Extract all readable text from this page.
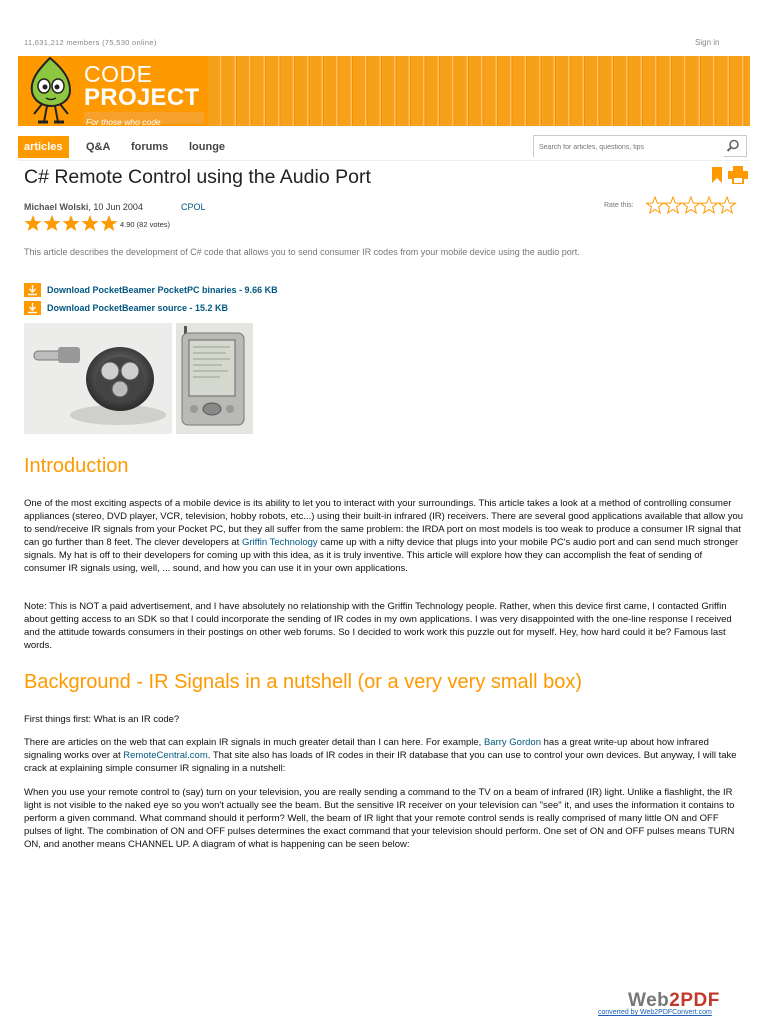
11,631,212 members (75,530 online)	Sign in
CODE
PROJECT
For those who code
articles	Q&A forums lounge
Search for articles, questions, tips
C# Remote Control using the Audio Port
Michael Wolski, 10 Jun 2004	CPOL	Rate this:
4.90 (82 votes)
This article describes the development of C# code that allows you to send consumer IR codes from your mobile device using the audio port.
Download PocketBeamer PocketPC binaries - 9.66 KB
Download PocketBeamer source - 15.2 KB
Introduction

One of the most exciting aspects of a mobile device is its ability to let you to interact with your surroundings. This article takes a look at a method of controlling consumer appliances (stereo, DVD player, VCR, television, hobby robots, etc...) using their built-in infrared (IR) receivers. There are several good applications available that allow you to send/receive IR signals from your Pocket PC, but they all suffer from the same problem: the IRDA port on most models is too weak to produce a consumer IR signal that can go further than 8 feet. The clever developers at Griffin Technology came up with a nifty device that plugs into your mobile PC's audio port and can send much stronger signals. My hat is off to their developers for coming up with this idea, as it is truly inventive. This article will explore how they can accomplish the feat of sending of consumer IR signals using, well, ... sound, and how you can use it in your own applications.

Note: This is NOT a paid advertisement, and I have absolutely no relationship with the Griffin Technology people. Rather, when this device first came, I contacted Griffin about getting access to an SDK so that I could incorporate the sending of IR codes in my own applications. I was very disappointed with the one-line response I received and the attitude towards consumers in their postings on other web forums. So I decided to work work this puzzle out for myself. Hey, how hard could it be? Famous last words.

Background - IR Signals in a nutshell (or a very very small box)

First things first: What is an IR code?

There are articles on the web that can explain IR signals in much greater detail than I can here. For example, Barry Gordon has a great write-up about how infrared signaling works over at RemoteCentral.com. That site also has loads of IR codes in their IR database that you can use to control your own devices. But anyway, I will take crack at explaining simple consumer IR signaling in a nutshell:

When you use your remote control to (say) turn on your television, you are really sending a command to the TV on a beam of infrared (IR) light. Unlike a flashlight, the IR light is not visible to the naked eye so you won't actually see the beam. But the sensitive IR receiver on your television can "see" it, and uses the information it contains to perform a given command. What command should it perform? Well, the beam of IR light that your remote control sends is really comprised of many little ON and OFF pulses of light. The combination of ON and OFF pulses determines the exact command that your television should perform. One set of ON and OFF pulses means TURN ON, and another means CHANNEL UP. A diagram of what is happening can be seen below:

Web2PDF
converted by Web2PDFConvert.com
